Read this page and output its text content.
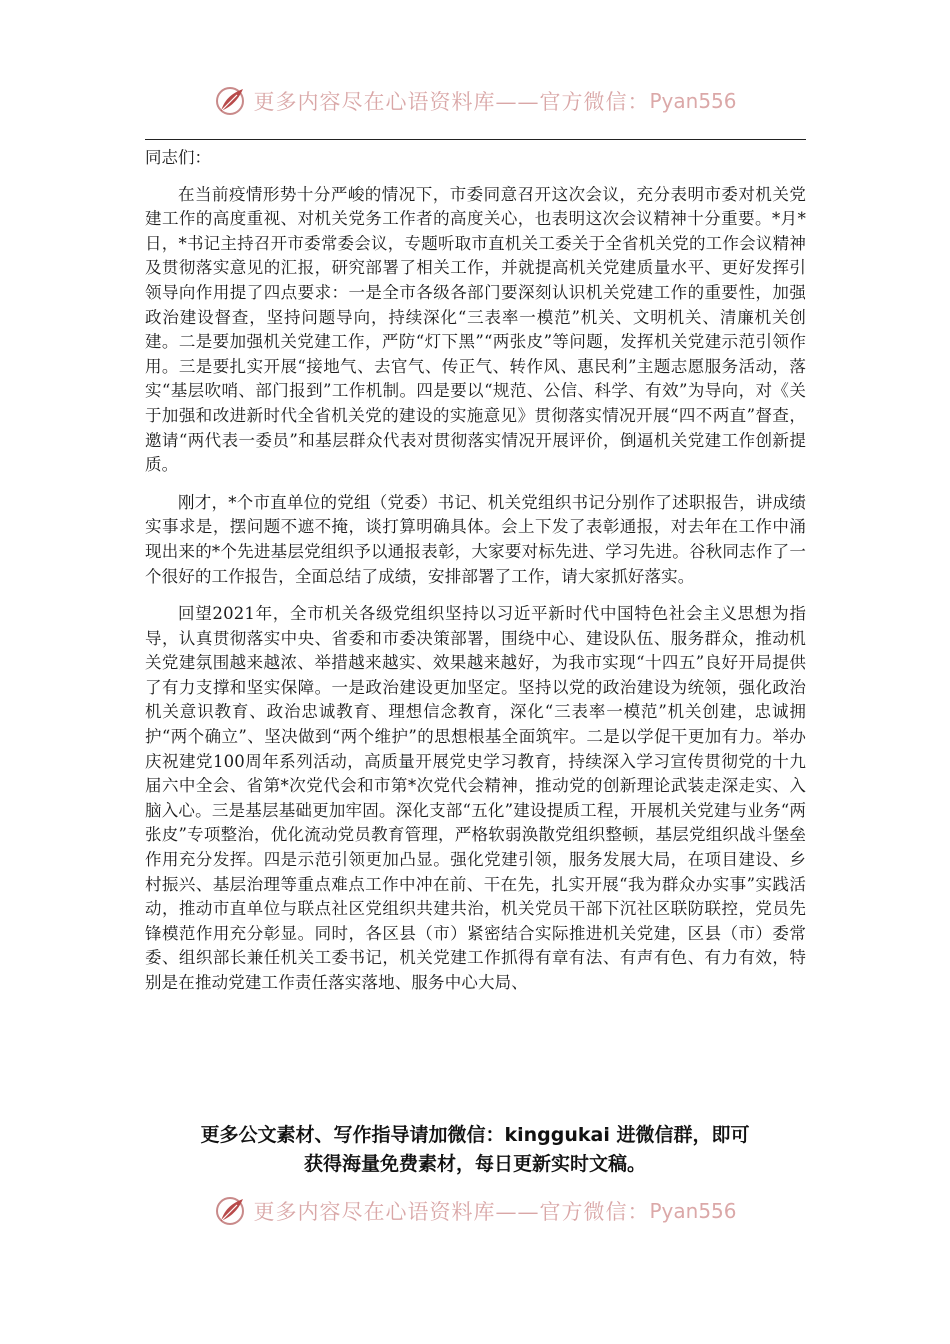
更多内容尽在心语资料库——官方微信： Pyan556

同志们：

在当前疫情形势十分严峻的情况下，市委同意召开这次会议，充分表明市委对机关党建工作的高度重视、对机关党务工作者的高度关心，也表明这次会议精神十分重要。*月*日，*书记主持召开市委常委会议，专题听取市直机关工委关于全省机关党的工作会议精神及贯彻落实意见的汇报，研究部署了相关工作，并就提高机关党建质量水平、更好发挥引领导向作用提了四点要求：一是全市各级各部门要深刻认识机关党建工作的重要性，加强政治建设督查，坚持问题导向，持续深化“三表率一模范”机关、文明机关、清廉机关创建。二是要加强机关党建工作，严防“灯下黑”“两张皮”等问题，发挥机关党建示范引领作用。三是要扎实开展“接地气、去官气、传正气、转作风、惠民利”主题志愿服务活动，落实“基层吹哨、部门报到”工作机制。四是要以“规范、公信、科学、有效”为导向，对《关于加强和改进新时代全省机关党的建设的实施意见》贯彻落实情况开展“四不两直”督查，邀请“两代表一委员”和基层群众代表对贯彻落实情况开展评价，倒逼机关党建工作创新提质。

刚才，*个市直单位的党组（党委）书记、机关党组织书记分别作了述职报告，讲成绩实事求是，摆问题不遮不掩，谈打算明确具体。会上下发了表彰通报，对去年在工作中涌现出来的*个先进基层党组织予以通报表彰，大家要对标先进、学习先进。谷秋同志作了一个很好的工作报告，全面总结了成绩，安排部署了工作，请大家抓好落实。

回望2021年，全市机关各级党组织坚持以习近平新时代中国特色社会主义思想为指导，认真贯彻落实中央、省委和市委决策部署，围绕中心、建设队伍、服务群众，推动机关党建氛围越来越浓、举措越来越实、效果越来越好，为我市实现“十四五”良好开局提供了有力支撑和坚实保障。一是政治建设更加坚定。坚持以党的政治建设为统领，强化政治机关意识教育、政治忠诚教育、理想信念教育，深化“三表率一模范”机关创建，忠诚拥护“两个确立”、坚决做到“两个维护”的思想根基全面筑牢。二是以学促干更加有力。举办庆祝建党100周年系列活动，高质量开展党史学习教育，持续深入学习宣传贯彻党的十九届六中全会、省第*次党代会和市第*次党代会精神，推动党的创新理论武装走深走实、入脑入心。三是基层基础更加牢固。深化支部“五化”建设提质工程，开展机关党建与业务“两张皮”专项整治，优化流动党员教育管理，严格软弱涣散党组织整顿，基层党组织战斗堡垒作用充分发挥。四是示范引领更加凸显。强化党建引领，服务发展大局，在项目建设、乡村振兴、基层治理等重点难点工作中冲在前、干在先，扎实开展“我为群众办实事”实践活动，推动市直单位与联点社区党组织共建共治，机关党员干部下沉社区联防联控，党员先锋模范作用充分彰显。同时，各区县（市）紧密结合实际推进机关党建，区县（市）委常委、组织部长兼任机关工委书记，机关党建工作抓得有章有法、有声有色、有力有效，特别是在推动党建工作责任落实落地、服务中心大局、

更多公文素材、写作指导请加微信：kinggukai 进微信群，即可
获得海量免费素材，每日更新实时文稿。
更多内容尽在心语资料库——官方微信： Pyan556
